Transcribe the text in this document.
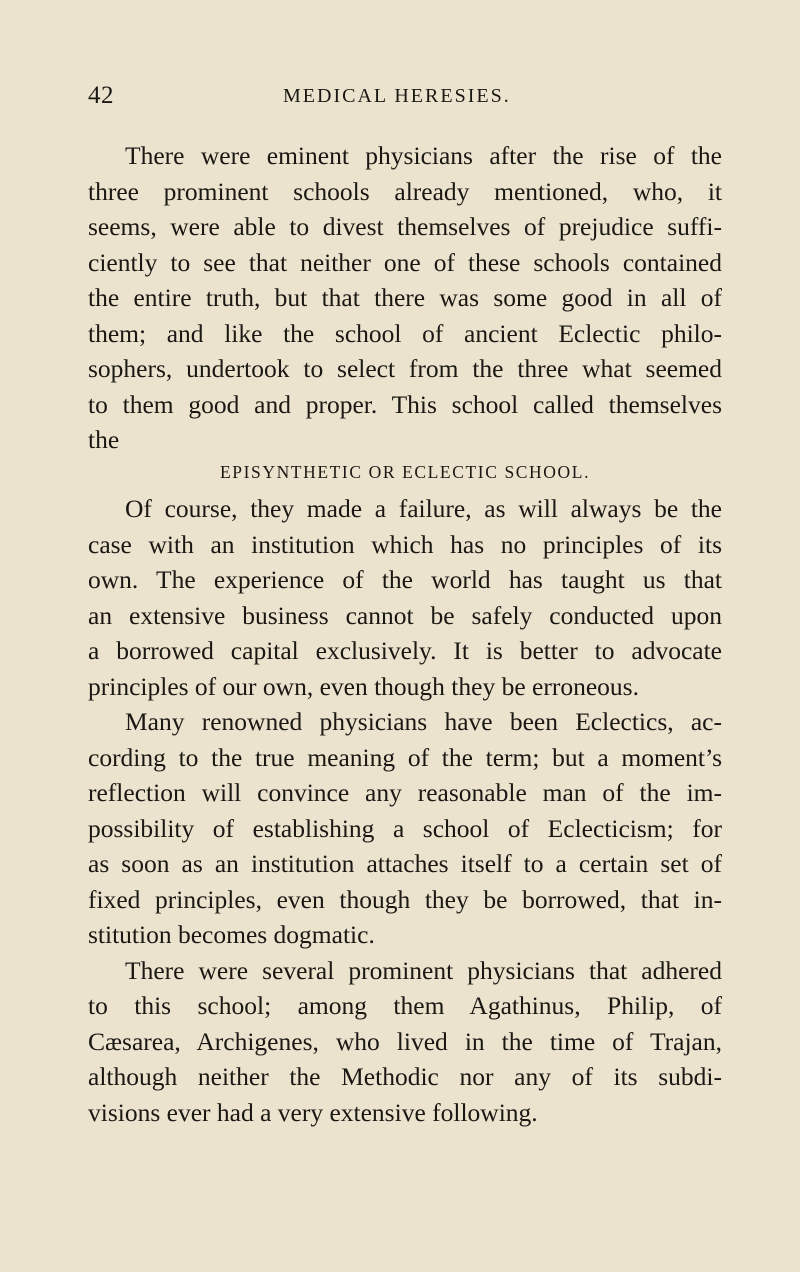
42	MEDICAL HERESIES.
There were eminent physicians after the rise of the
three prominent schools already mentioned, who, it
seems, were able to divest themselves of prejudice suffi-
ciently to see that neither one of these schools contained
the entire truth, but that there was some good in all of
them; and like the school of ancient Eclectic philo-
sophers, undertook to select from the three what seemed
to them good and proper. This school called themselves
the
EPISYNTHETIC OR ECLECTIC SCHOOL.
Of course, they made a failure, as will always be the
case with an institution which has no principles of its
own. The experience of the world has taught us that
an extensive business cannot be safely conducted upon
a borrowed capital exclusively. It is better to advocate
principles of our own, even though they be erroneous.
Many renowned physicians have been Eclectics, ac-
cording to the true meaning of the term; but a moment’s
reflection will convince any reasonable man of the im-
possibility of establishing a school of Eclecticism; for
as soon as an institution attaches itself to a certain set of
fixed principles, even though they be borrowed, that in-
stitution becomes dogmatic.
There were several prominent physicians that adhered
to this school; among them Agathinus, Philip, of
Cæsarea, Archigenes, who lived in the time of Trajan,
although neither the Methodic nor any of its subdi-
visions ever had a very extensive following.
